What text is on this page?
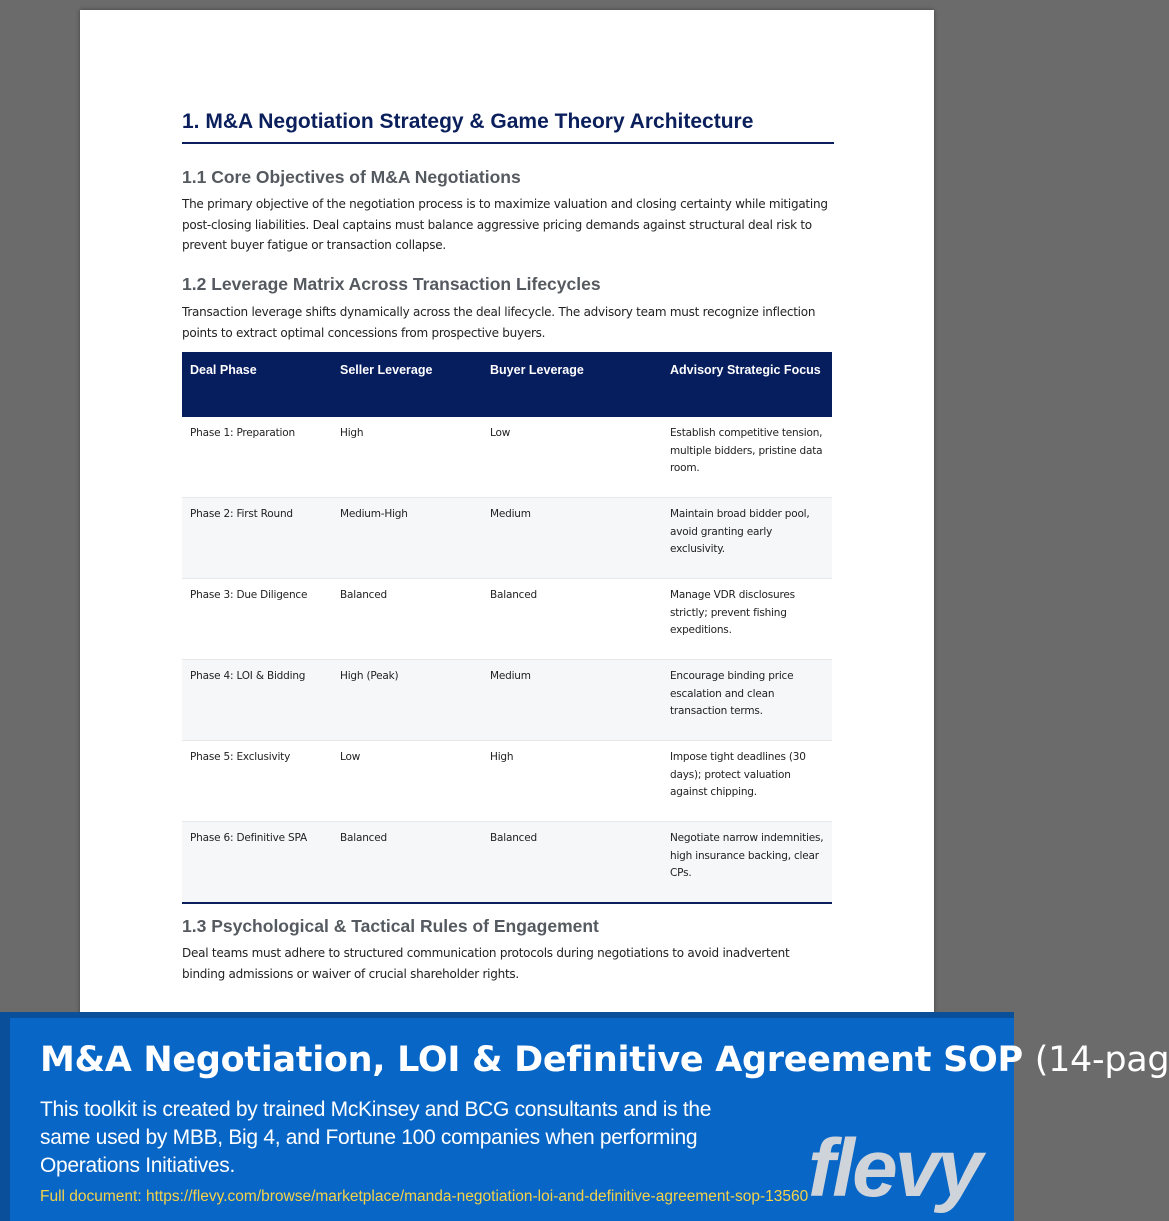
1. M&A Negotiation Strategy & Game Theory Architecture
1.1 Core Objectives of M&A Negotiations

The primary objective of the negotiation process is to maximize valuation and closing certainty while mitigating post-closing liabilities. Deal captains must balance aggressive pricing demands against structural deal risk to prevent buyer fatigue or transaction collapse.

1.2 Leverage Matrix Across Transaction Lifecycles

Transaction leverage shifts dynamically across the deal lifecycle. The advisory team must recognize inflection points to extract optimal concessions from prospective buyers.

Deal Phase	Seller Leverage	Buyer Leverage	Advisory Strategic Focus
Phase 1: Preparation	High	Low	Establish competitive tension, multiple bidders, pristine data room.
Phase 2: First Round	Medium-High	Medium	Maintain broad bidder pool, avoid granting early exclusivity.
Phase 3: Due Diligence	Balanced	Balanced	Manage VDR disclosures strictly; prevent fishing expeditions.
Phase 4: LOI & Bidding	High (Peak)	Medium	Encourage binding price escalation and clean transaction terms.
Phase 5: Exclusivity	Low	High	Impose tight deadlines (30 days); protect valuation against chipping.
Phase 6: Definitive SPA	Balanced	Balanced	Negotiate narrow indemnities, high insurance backing, clear CPs.
1.3 Psychological & Tactical Rules of Engagement

Deal teams must adhere to structured communication protocols during negotiations to avoid inadvertent binding admissions or waiver of crucial shareholder rights.

M&A Negotiation, LOI & Definitive Agreement SOP (14-pag
This toolkit is created by trained McKinsey and BCG consultants and is the same used by MBB, Big 4, and Fortune 100 companies when performing Operations Initiatives.
Full document: https://flevy.com/browse/marketplace/manda-negotiation-loi-and-definitive-agreement-sop-13560 flevy
